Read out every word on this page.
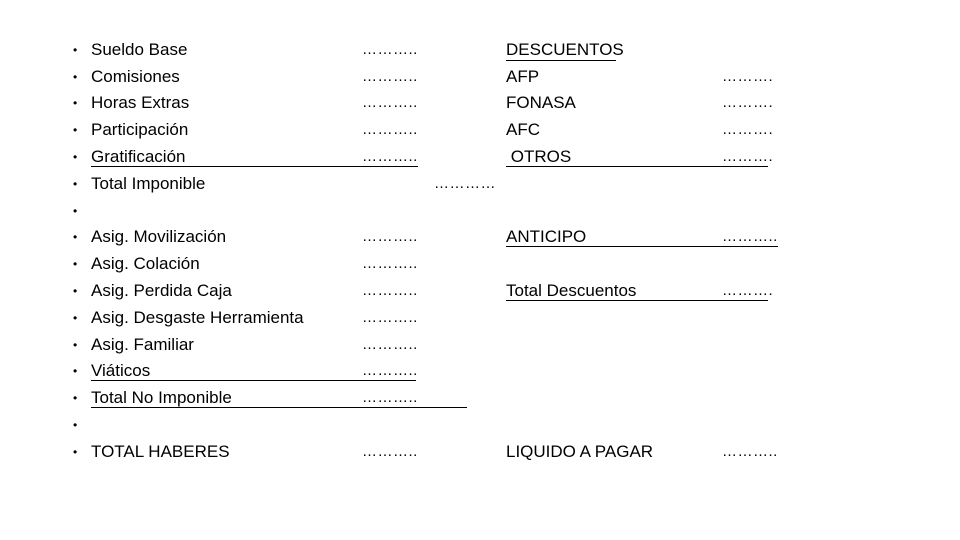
•
•
•
•
•
•
•
•
•
•
•
•
•
•
•
•
Sueldo Base
Comisiones
Horas Extras
Participación
Gratificación
Total Imponible
Asig. Movilización
Asig. Colación
Asig. Perdida Caja
Asig. Desgaste Herramienta
Asig. Familiar
Viáticos
Total No Imponible
TOTAL HABERES
………..
………..
………..
………..
………..
…………
………..
………..
………..
………..
………..
………..
………..
………..
DESCUENTOS
AFP
FONASA
AFC
OTROS
ANTICIPO
Total Descuentos
LIQUIDO A PAGAR
……….
……….
……….
……….
………..
……….
………..
